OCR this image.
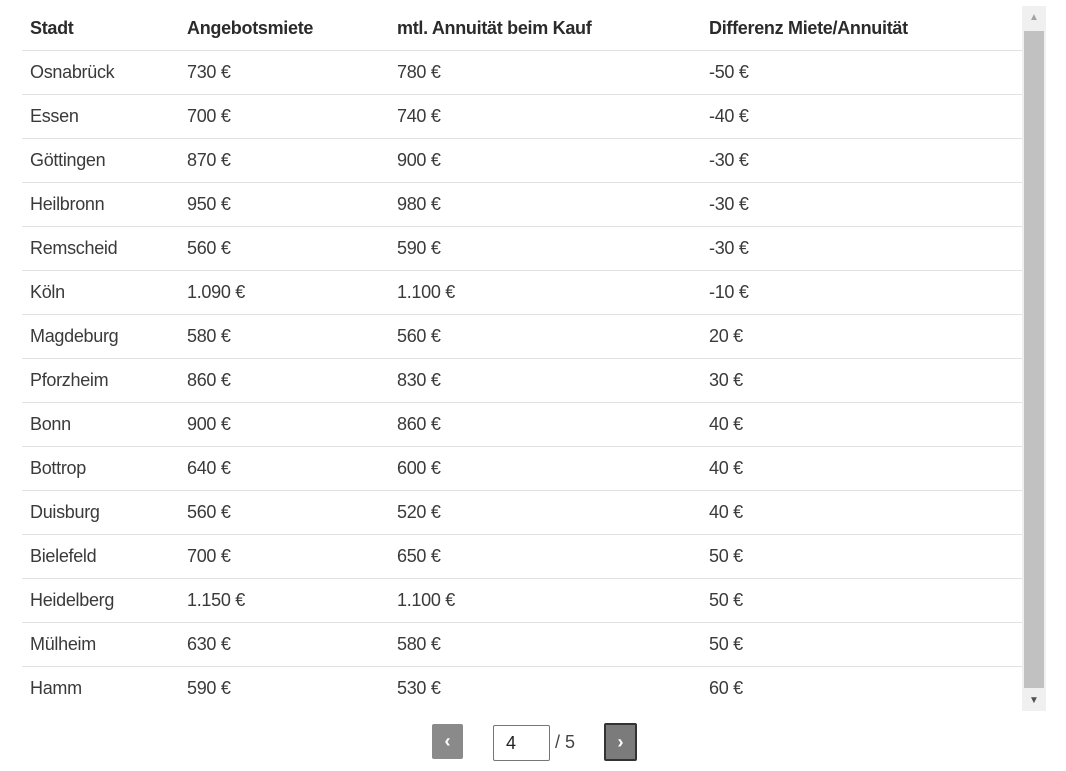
Stadt	Angebotsmiete	mtl. Annuität beim Kauf	Differenz Miete/Annuität
Osnabrück	730 €	780 €	-50 €
Essen	700 €	740 €	-40 €
Göttingen	870 €	900 €	-30 €
Heilbronn	950 €	980 €	-30 €
Remscheid	560 €	590 €	-30 €
Köln	1.090 €	1.100 €	-10 €
Magdeburg	580 €	560 €	20 €
Pforzheim	860 €	830 €	30 €
Bonn	900 €	860 €	40 €
Bottrop	640 €	600 €	40 €
Duisburg	560 €	520 €	40 €
Bielefeld	700 €	650 €	50 €
Heidelberg	1.150 €	1.100 €	50 €
Mülheim	630 €	580 €	50 €
Hamm	590 €	530 €	60 €
▲
▼
‹
4	/ 5 ›
